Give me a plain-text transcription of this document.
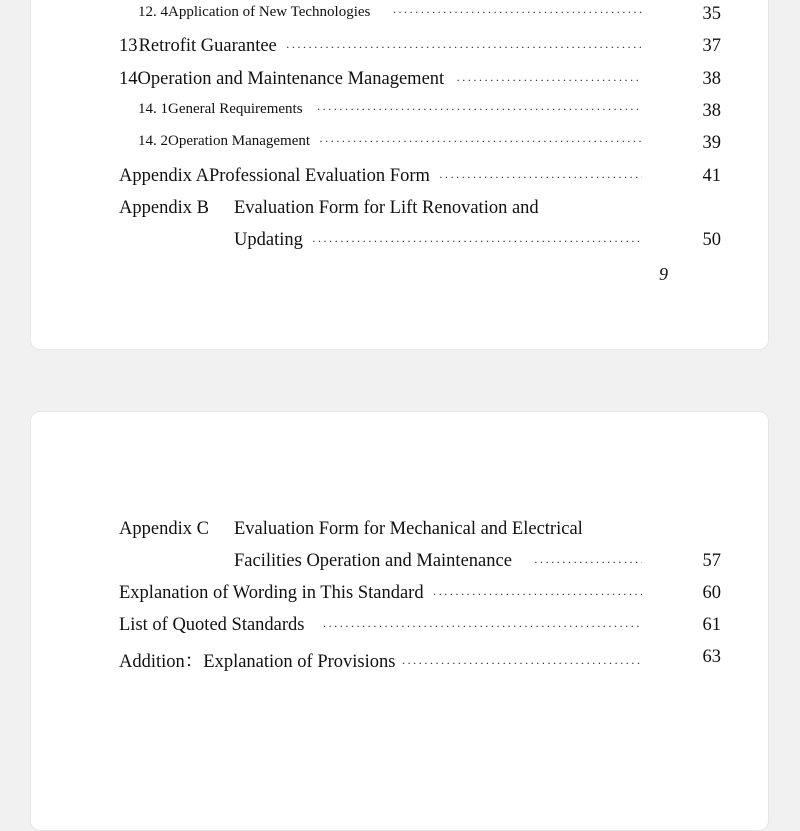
12. 4 Application of New Technologies ·····	35
13 Retrofit Guarantee ·····	37
14 Operation and Maintenance Management ·····	38
14. 1 General Requirements ·····	38
14. 2 Operation Management ·····	39
Appendix A Professional Evaluation Form ·····	41
Appendix B	Evaluation Form for Lift Renovation and
Updating ·····	50
9
Appendix C	Evaluation Form for Mechanical and Electrical
Facilities Operation and Maintenance ·····	57
Explanation of Wording in This Standard ·····	60
List of Quoted Standards ·····	61
Addition：Explanation of Provisions ·····	63
